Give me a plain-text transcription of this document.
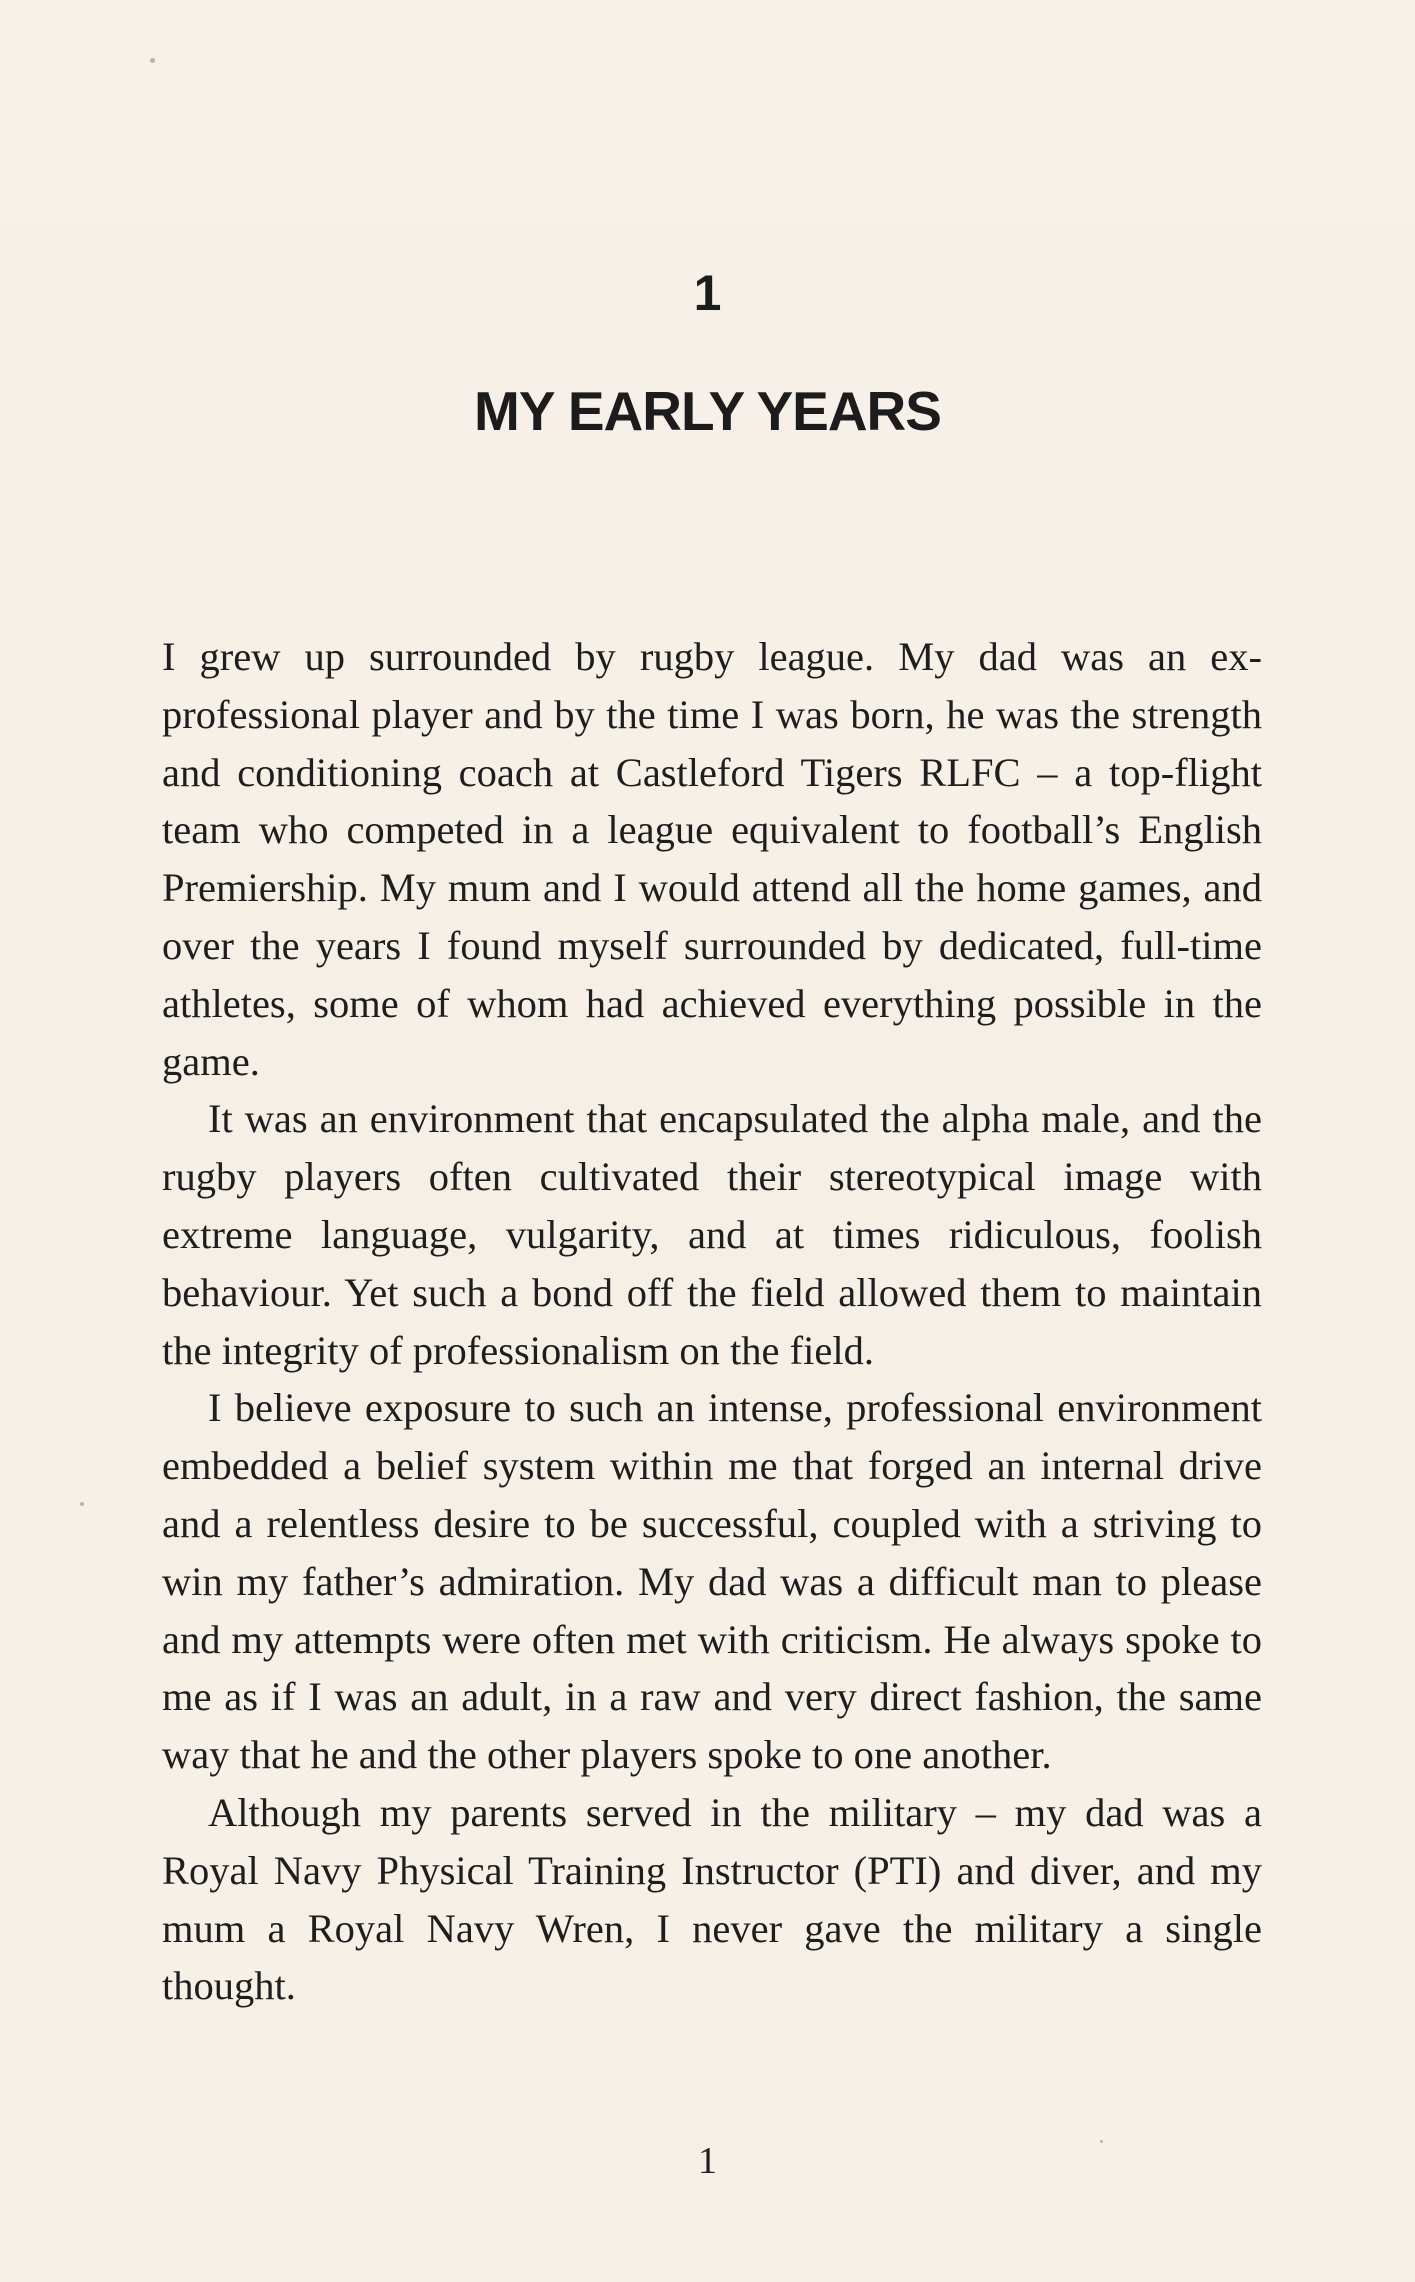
1
MY EARLY YEARS

I grew up surrounded by rugby league. My dad was an exprofessional player and by the time I was born, he was the strength and conditioning coach at Castleford Tigers RLFC – a top-flight team who competed in a league equivalent to football’s English Premiership. My mum and I would attend all the home games, and over the years I found myself surrounded by dedicated, full-time athletes, some of whom had achieved everything possible in the game.

It was an environment that encapsulated the alpha male, and the rugby players often cultivated their stereotypical image with extreme language, vulgarity, and at times ridiculous, foolish behaviour. Yet such a bond off the field allowed them to maintain the integrity of professionalism on the field.

I believe exposure to such an intense, professional environment embedded a belief system within me that forged an internal drive and a relentless desire to be successful, coupled with a striving to win my father’s admiration. My dad was a difficult man to please and my attempts were often met with criticism. He always spoke to me as if I was an adult, in a raw and very direct fashion, the same way that he and the other players spoke to one another.

Although my parents served in the military – my dad was a Royal Navy Physical Training Instructor (PTI) and diver, and my mum a Royal Navy Wren, I never gave the military a single thought.

1
